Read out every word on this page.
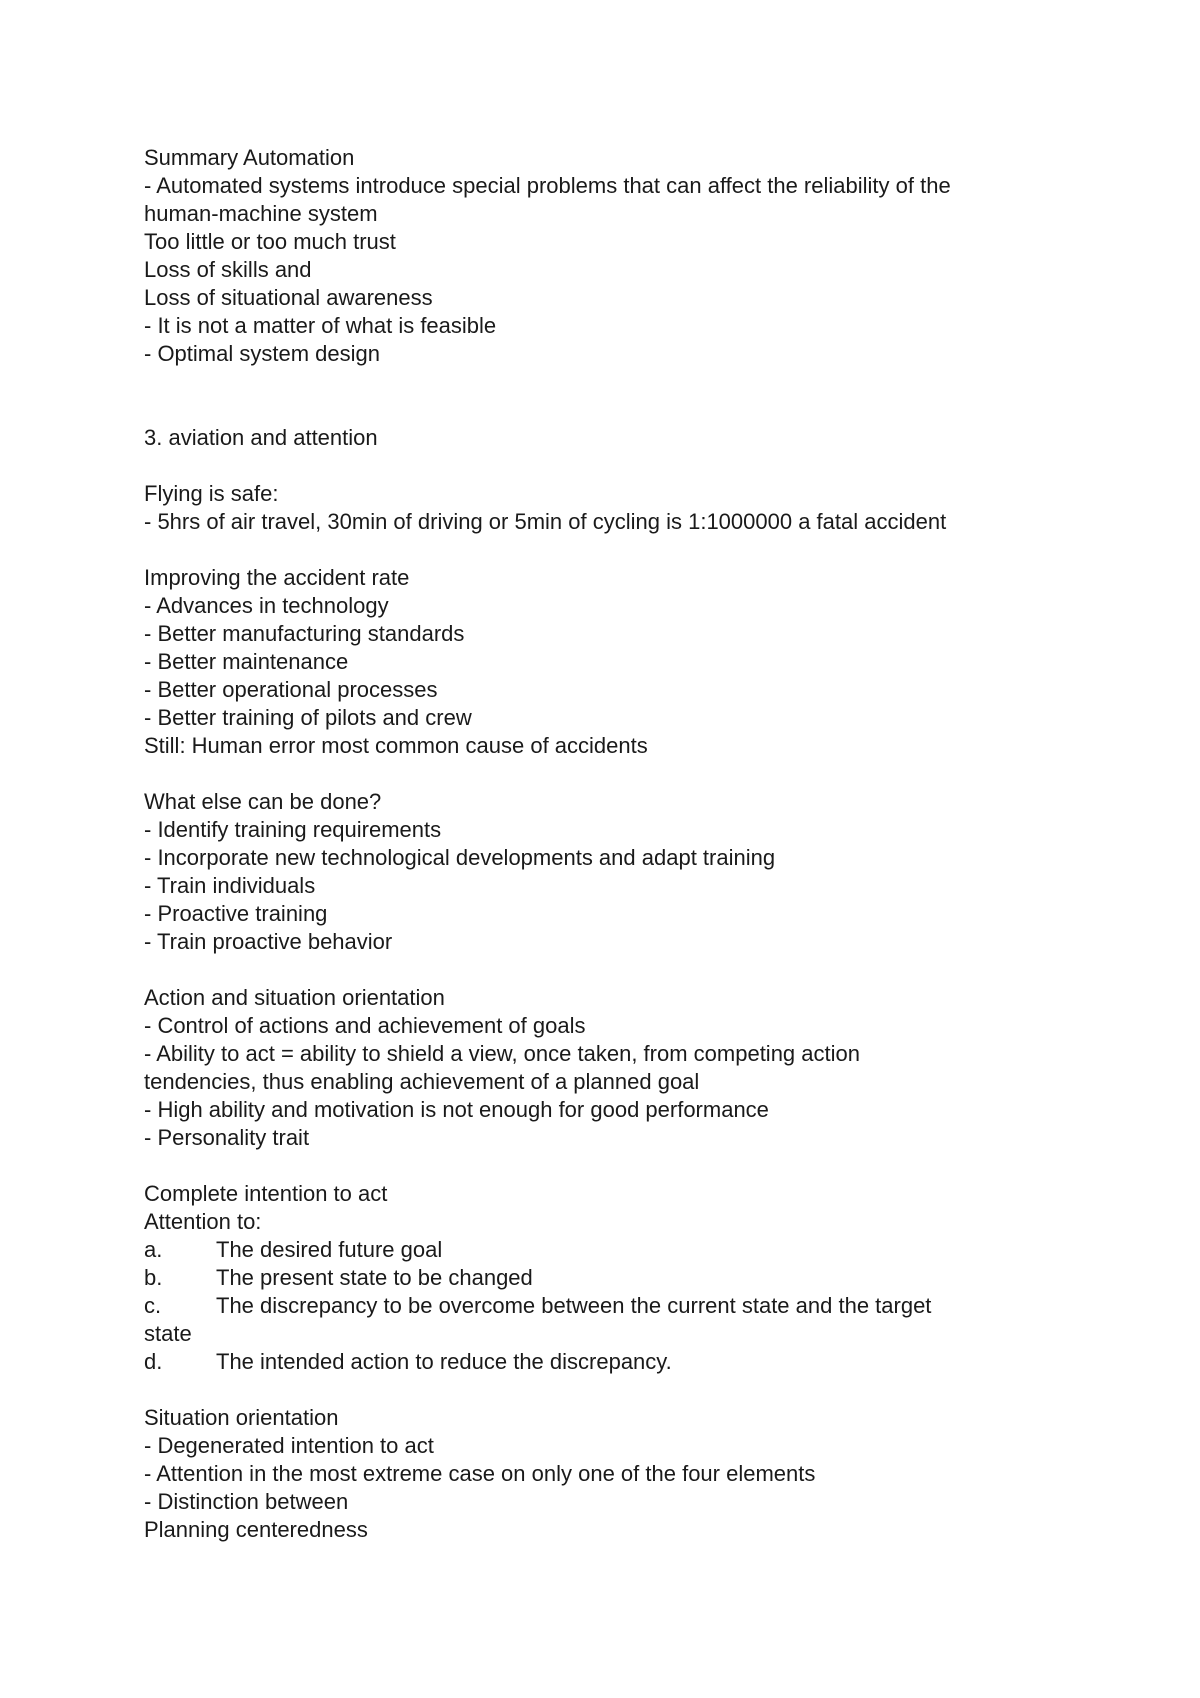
Summary Automation
- Automated systems introduce special problems that can affect the reliability of the
human-machine system
Too little or too much trust
Loss of skills and
Loss of situational awareness
- It is not a matter of what is feasible
- Optimal system design
3. aviation and attention
Flying is safe:
- 5hrs of air travel, 30min of driving or 5min of cycling is 1:1000000 a fatal accident
Improving the accident rate
- Advances in technology
- Better manufacturing standards
- Better maintenance
- Better operational processes
- Better training of pilots and crew
Still: Human error most common cause of accidents
What else can be done?
- Identify training requirements
- Incorporate new technological developments and adapt training
- Train individuals
- Proactive training
- Train proactive behavior
Action and situation orientation
- Control of actions and achievement of goals
- Ability to act = ability to shield a view, once taken, from competing action
tendencies, thus enabling achievement of a planned goal
- High ability and motivation is not enough for good performance
- Personality trait
Complete intention to act
Attention to:
a.	The desired future goal
b.	The present state to be changed
c.	The discrepancy to be overcome between the current state and the target
state
d.	The intended action to reduce the discrepancy.
Situation orientation
- Degenerated intention to act
- Attention in the most extreme case on only one of the four elements
- Distinction between
Planning centeredness
